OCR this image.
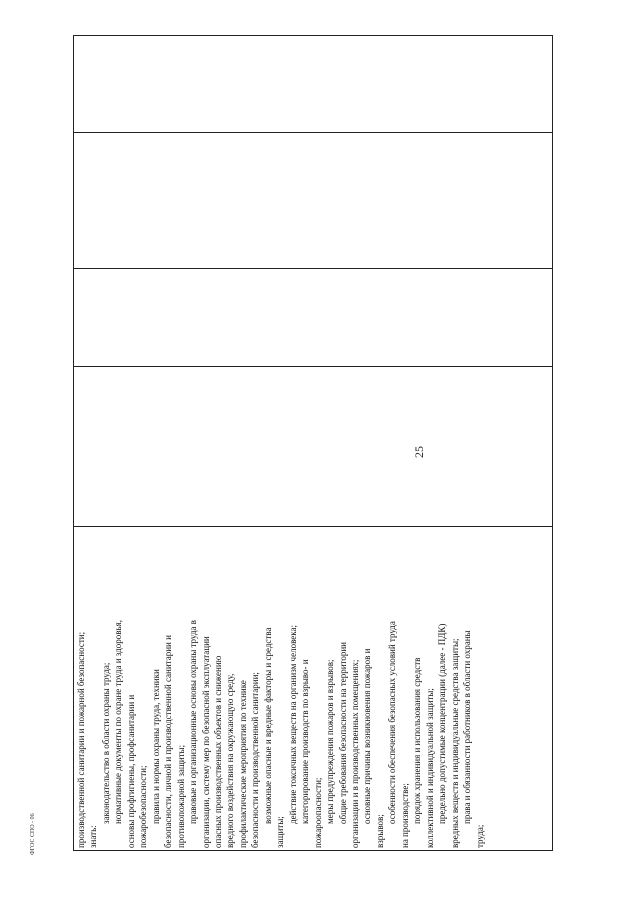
25
производственной санитарии и пожарной безопасности; знать:
законодательство в области охраны труда; нормативные документы по охране труда и здоровья, основы профгигиены, профсанитарии и пожаробезопасности; правила и нормы охраны труда, техники безопасности, личной и производственной санитарии и противопожарной защиты; правовые и организационные основы охраны труда в организации, систему мер по безопасной эксплуатации опасных производственных объектов и снижению вредного воздействия на окружающую среду, профилактические мероприятия по технике безопасности и производственной санитарии; возможные опасные и вредные факторы и средства
защиты;
действие токсичных веществ на организм человека; категорирование производств по взрыво- и пожароопасности; меры предупреждения пожаров и взрывов; общие требования безопасности на территории организации и в производственных помещениях; основные причины возникновения пожаров и
взрывов;
особенности обеспечения безопасных условий труда на производстве; порядок хранения и использования средств коллективной и индивидуальной защиты; предельно допустимые концентрации (далее - ПДК) вредных веществ и индивидуальные средства защиты; права и обязанности работников в области охраны
труда;
ФГОС СПО - 06
